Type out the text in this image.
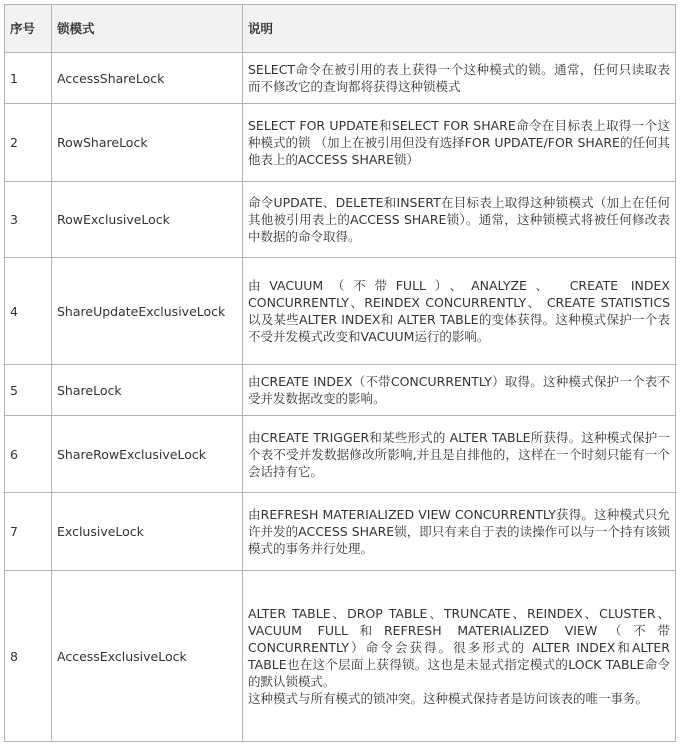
序号	锁模式	说明
1	AccessShareLock	SELECT命令在被引用的表上获得一个这种模式的锁。通常，任何只读取表而不修改它的查询都将获得这种锁模式

2	RowShareLock	SELECT FOR UPDATE和SELECT FOR SHARE命令在目标表上取得一个这种模式的锁 （加上在被引用但没有选择FOR UPDATE/FOR SHARE的任何其他表上的ACCESS SHARE锁）

3	RowExclusiveLock	命令UPDATE、DELETE和INSERT在目标表上取得这种锁模式（加上在任何其他被引用表上的ACCESS SHARE锁）。通常，这种锁模式将被任何修改表中数据的命令取得。

4	ShareUpdateExclusiveLock	由VACUUM（不带FULL）、ANALYZE、 CREATE INDEX CONCURRENTLY、REINDEX CONCURRENTLY、 CREATE STATISTICS以及某些ALTER INDEX和 ALTER TABLE的变体获得。这种模式保护一个表不受并发模式改变和VACUUM运行的影响。

5	ShareLock	由CREATE INDEX（不带CONCURRENTLY）取得。这种模式保护一个表不受并发数据改变的影响。

6	ShareRowExclusiveLock	由CREATE TRIGGER和某些形式的 ALTER TABLE所获得。这种模式保护一个表不受并发数据修改所影响,并且是自排他的，这样在一个时刻只能有一个会话持有它。

7	ExclusiveLock	由REFRESH MATERIALIZED VIEW CONCURRENTLY获得。这种模式只允许并发的ACCESS SHARE锁，即只有来自于表的读操作可以与一个持有该锁模式的事务并行处理。

8	AccessExclusiveLock	ALTER TABLE、DROP TABLE、TRUNCATE、REINDEX、CLUSTER、VACUUM FULL和REFRESH MATERIALIZED VIEW（不带CONCURRENTLY）命令会获得。很多形式的 ALTER INDEX和ALTER TABLE也在这个层面上获得锁。这也是未显式指定模式的LOCK TABLE命令的默认锁模式。
这种模式与所有模式的锁冲突。这种模式保持者是访问该表的唯一事务。
